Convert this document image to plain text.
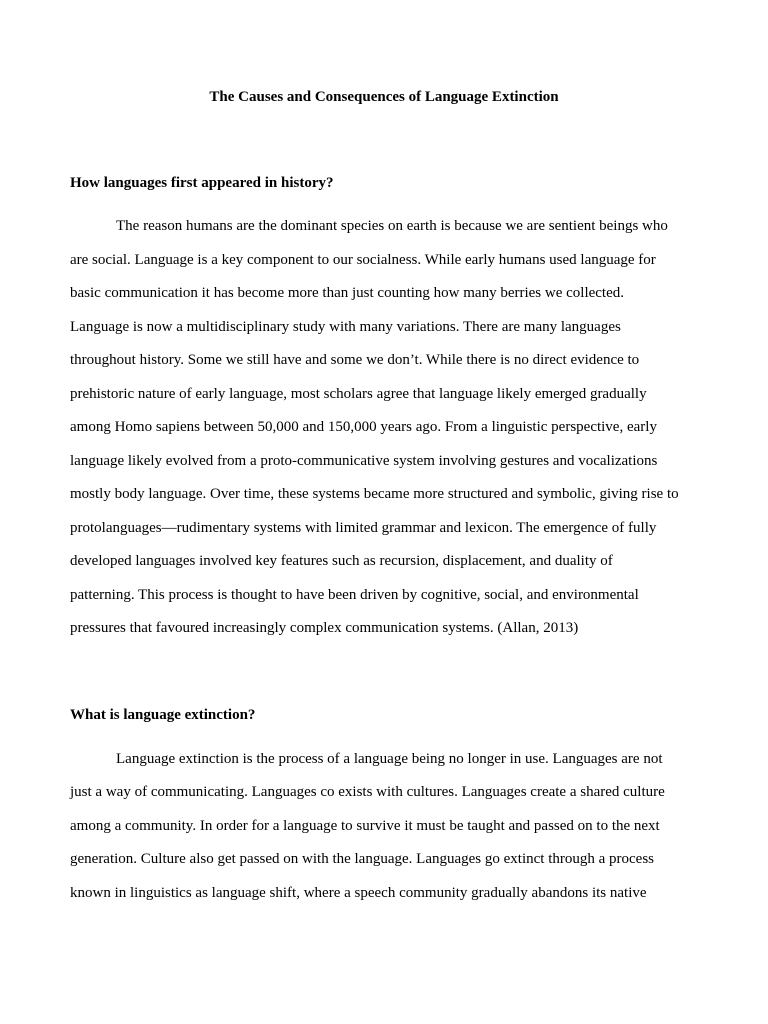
The Causes and Consequences of Language Extinction
How languages first appeared in history?
The reason humans are the dominant species on earth is because we are sentient beings who
are social. Language is a key component to our socialness. While early humans used language for
basic communication it has become more than just counting how many berries we collected.
Language is now a multidisciplinary study with many variations. There are many languages
throughout history. Some we still have and some we don’t. While there is no direct evidence to
prehistoric nature of early language, most scholars agree that language likely emerged gradually
among Homo sapiens between 50,000 and 150,000 years ago. From a linguistic perspective, early
language likely evolved from a proto-communicative system involving gestures and vocalizations
mostly body language. Over time, these systems became more structured and symbolic, giving rise to
protolanguages—rudimentary systems with limited grammar and lexicon. The emergence of fully
developed languages involved key features such as recursion, displacement, and duality of
patterning. This process is thought to have been driven by cognitive, social, and environmental
pressures that favoured increasingly complex communication systems. (Allan, 2013)
What is language extinction?
Language extinction is the process of a language being no longer in use. Languages are not
just a way of communicating. Languages co exists with cultures. Languages create a shared culture
among a community. In order for a language to survive it must be taught and passed on to the next
generation. Culture also get passed on with the language. Languages go extinct through a process
known in linguistics as language shift, where a speech community gradually abandons its native
